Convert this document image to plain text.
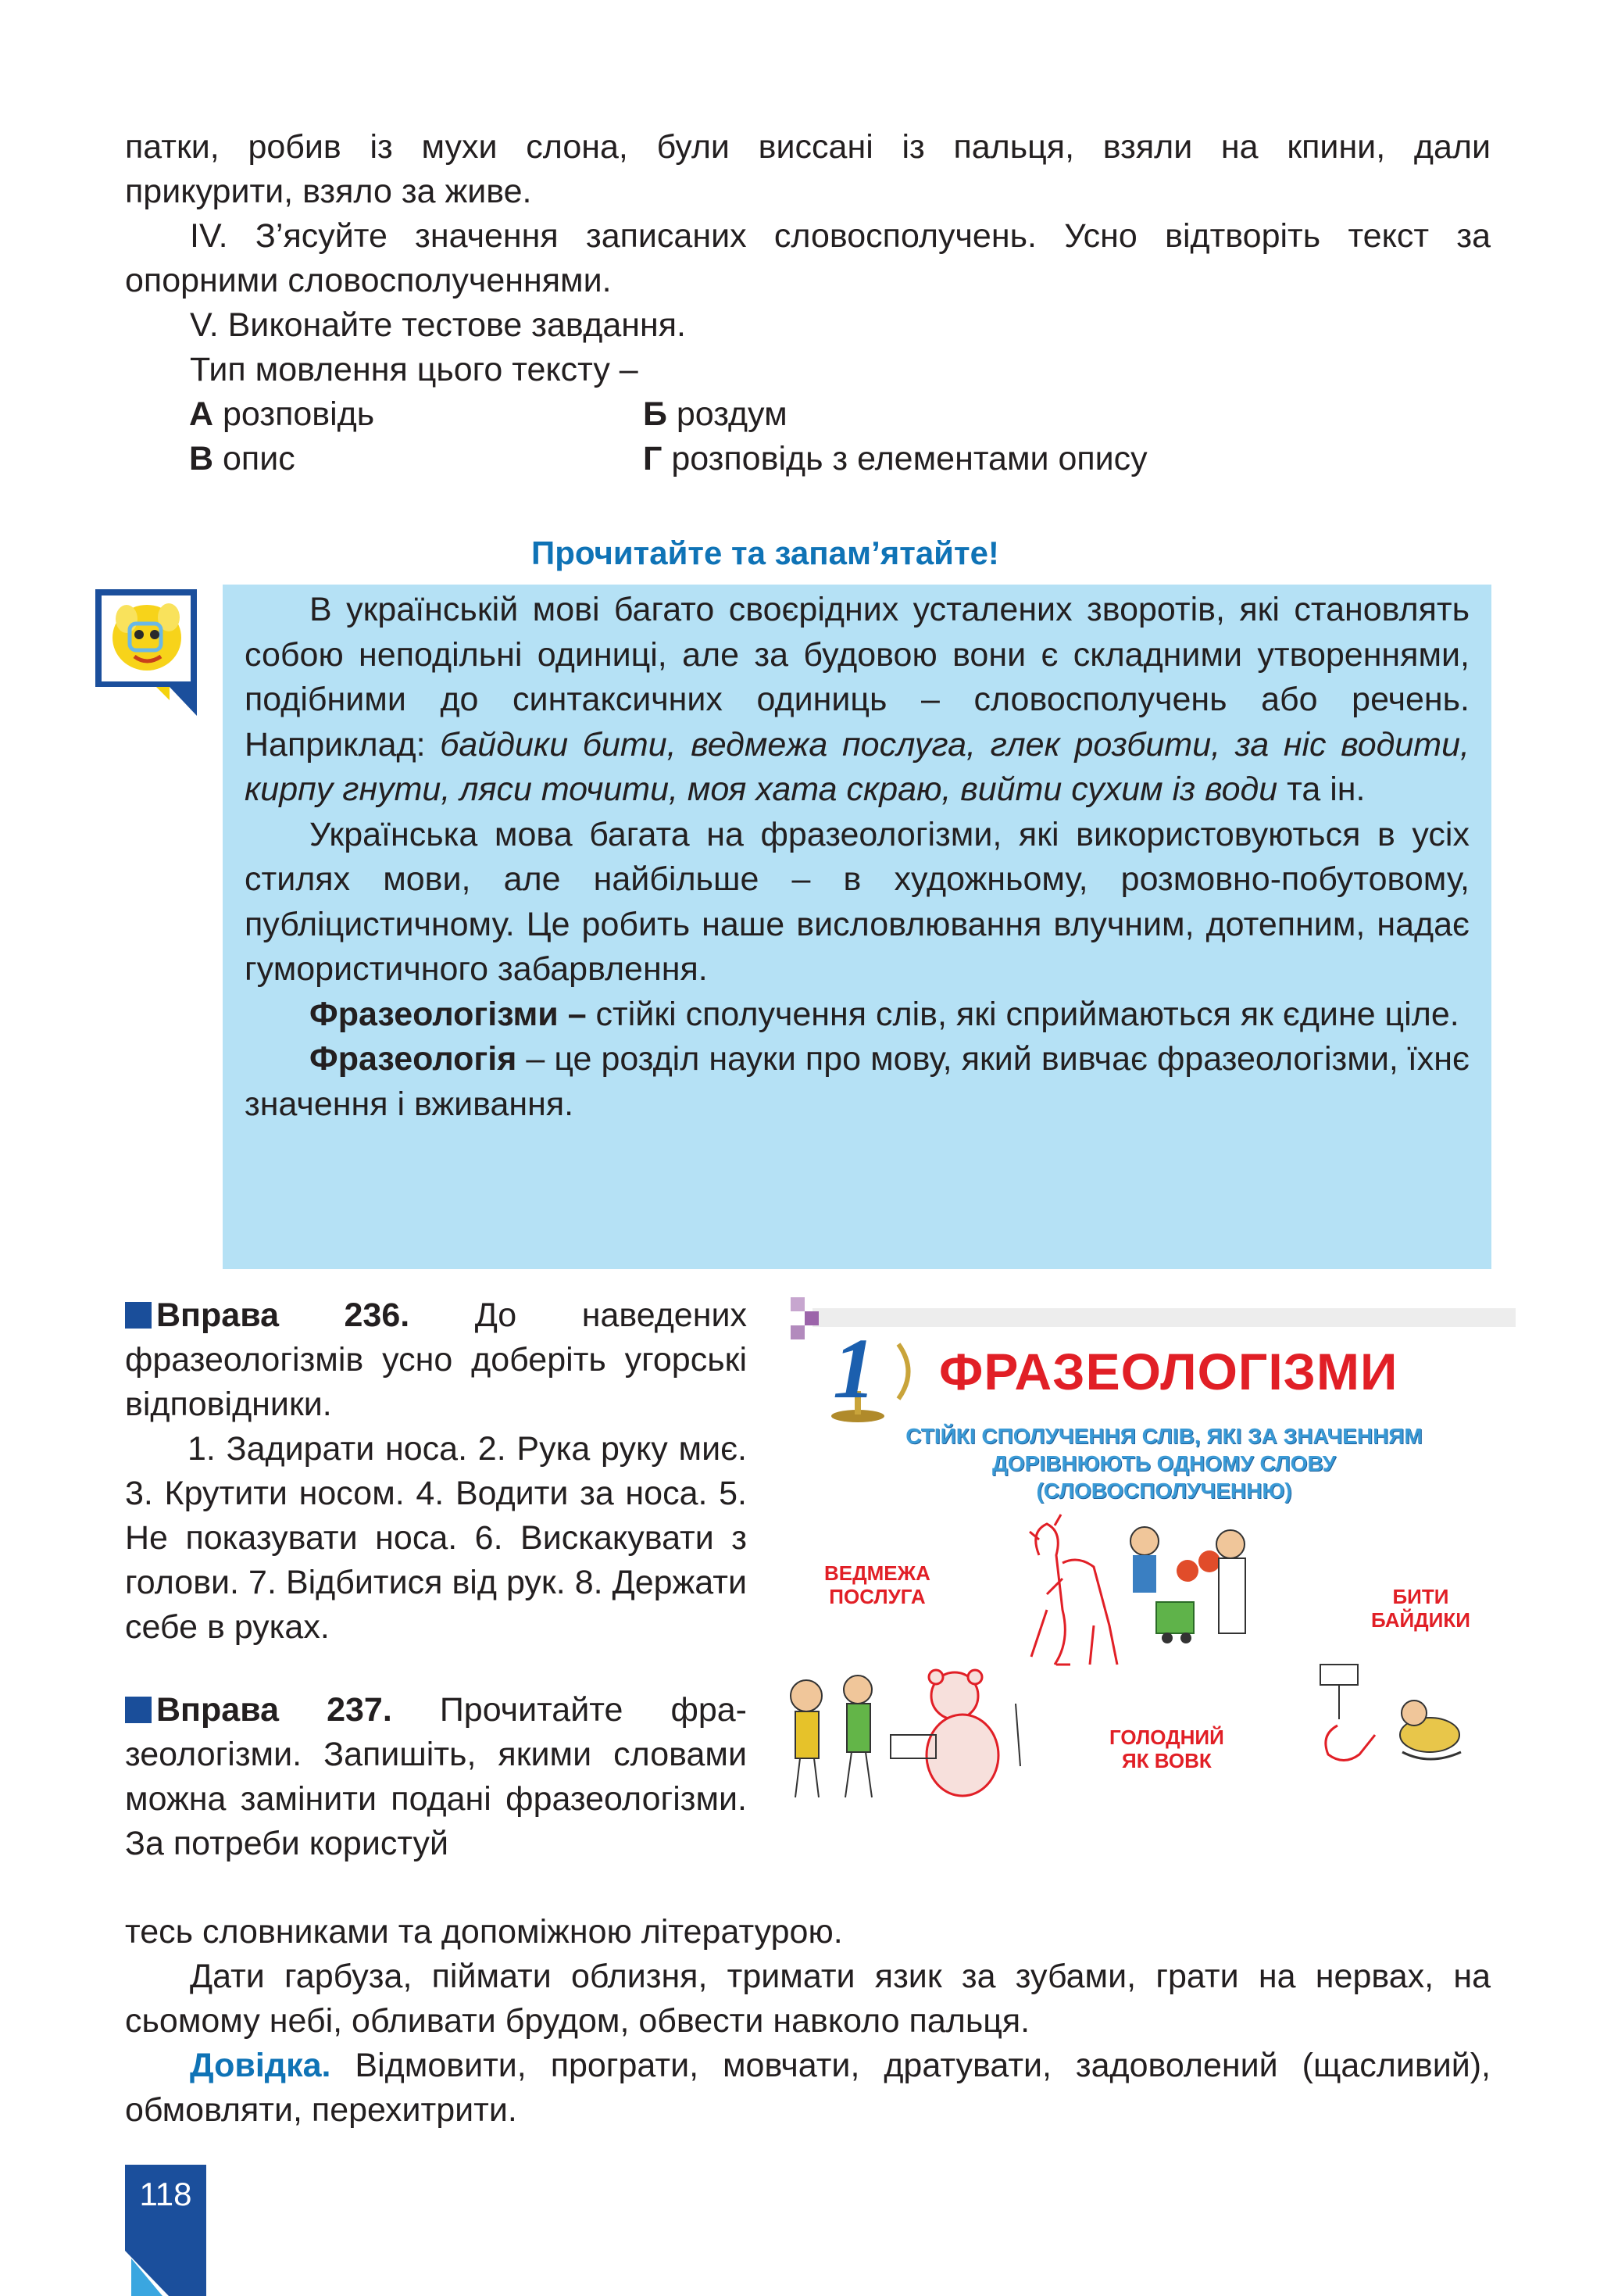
патки, робив із мухи слона, були виссані із пальця, взяли на кпини, дали

прикурити, взяло за живе.

IV. З’ясуйте значення записаних словосполучень. Усно відтворіть текст за опорними словосполученнями.

V. Виконайте тестове завдання.

Тип мовлення цього тексту –

А розповідь	Б роздум
В опис	Г розповідь з елементами опису
Прочитайте та запам’ятайте!

В українській мові багато своєрідних усталених зворотів, які становлять собою неподільні одиниці, але за будовою вони є складними утвореннями, подібними до синтаксичних одиниць – словосполучень або речень. Наприклад: байдики бити, ведмежа послуга, глек розбити, за ніс водити, кирпу гнути, ляси точити, моя хата скраю, вийти сухим із води та ін.

Українська мова багата на фразеологізми, які використовуються в усіх стилях мови, але найбільше – в художньому, розмовно-побутовому, публіцистичному. Це робить наше висловлювання влучним, дотепним, надає гумористичного забарвлення.

Фразеологізми – стійкі сполучення слів, які сприймаються як єдине ціле.

Фразеологія – це розділ науки про мову, який вивчає фразеологізми, їхнє значення і вживання.

Вправа 236. До наведених фразеологізмів усно доберіть угорські відповідники.

1. Задирати носа. 2. Рука руку миє. 3. Крутити носом. 4. Водити за носа. 5. Не показувати носа. 6. Вискакувати з голови. 7. Відбитися від рук. 8. Держати себе в руках.

Вправа 237. Прочитайте фразеологізми. Запишіть, якими словами можна замінити подані фразеологізми. За потреби користуй

тесь словниками та допоміжною літературою.

Дати гарбуза, піймати облизня, тримати язик за зубами, грати на нервах, на сьомому небі, обливати брудом, обвести навколо пальця.

Довідка. Відмовити, програти, мовчати, дратувати, задоволений (щасливий), обмовляти, перехитрити.

1 ФРАЗЕОЛОГІЗМИ
СТІЙКІ СПОЛУЧЕННЯ СЛІВ, ЯКІ ЗА ЗНАЧЕННЯМ
ДОРІВНЮЮТЬ ОДНОМУ СЛОВУ
(СЛОВОСПОЛУЧЕННЮ)
ВЕДМЕЖА
ПОСЛУГА	БИТИ
БАЙДИКИ
ГОЛОДНИЙ
ЯК ВОВК
118
